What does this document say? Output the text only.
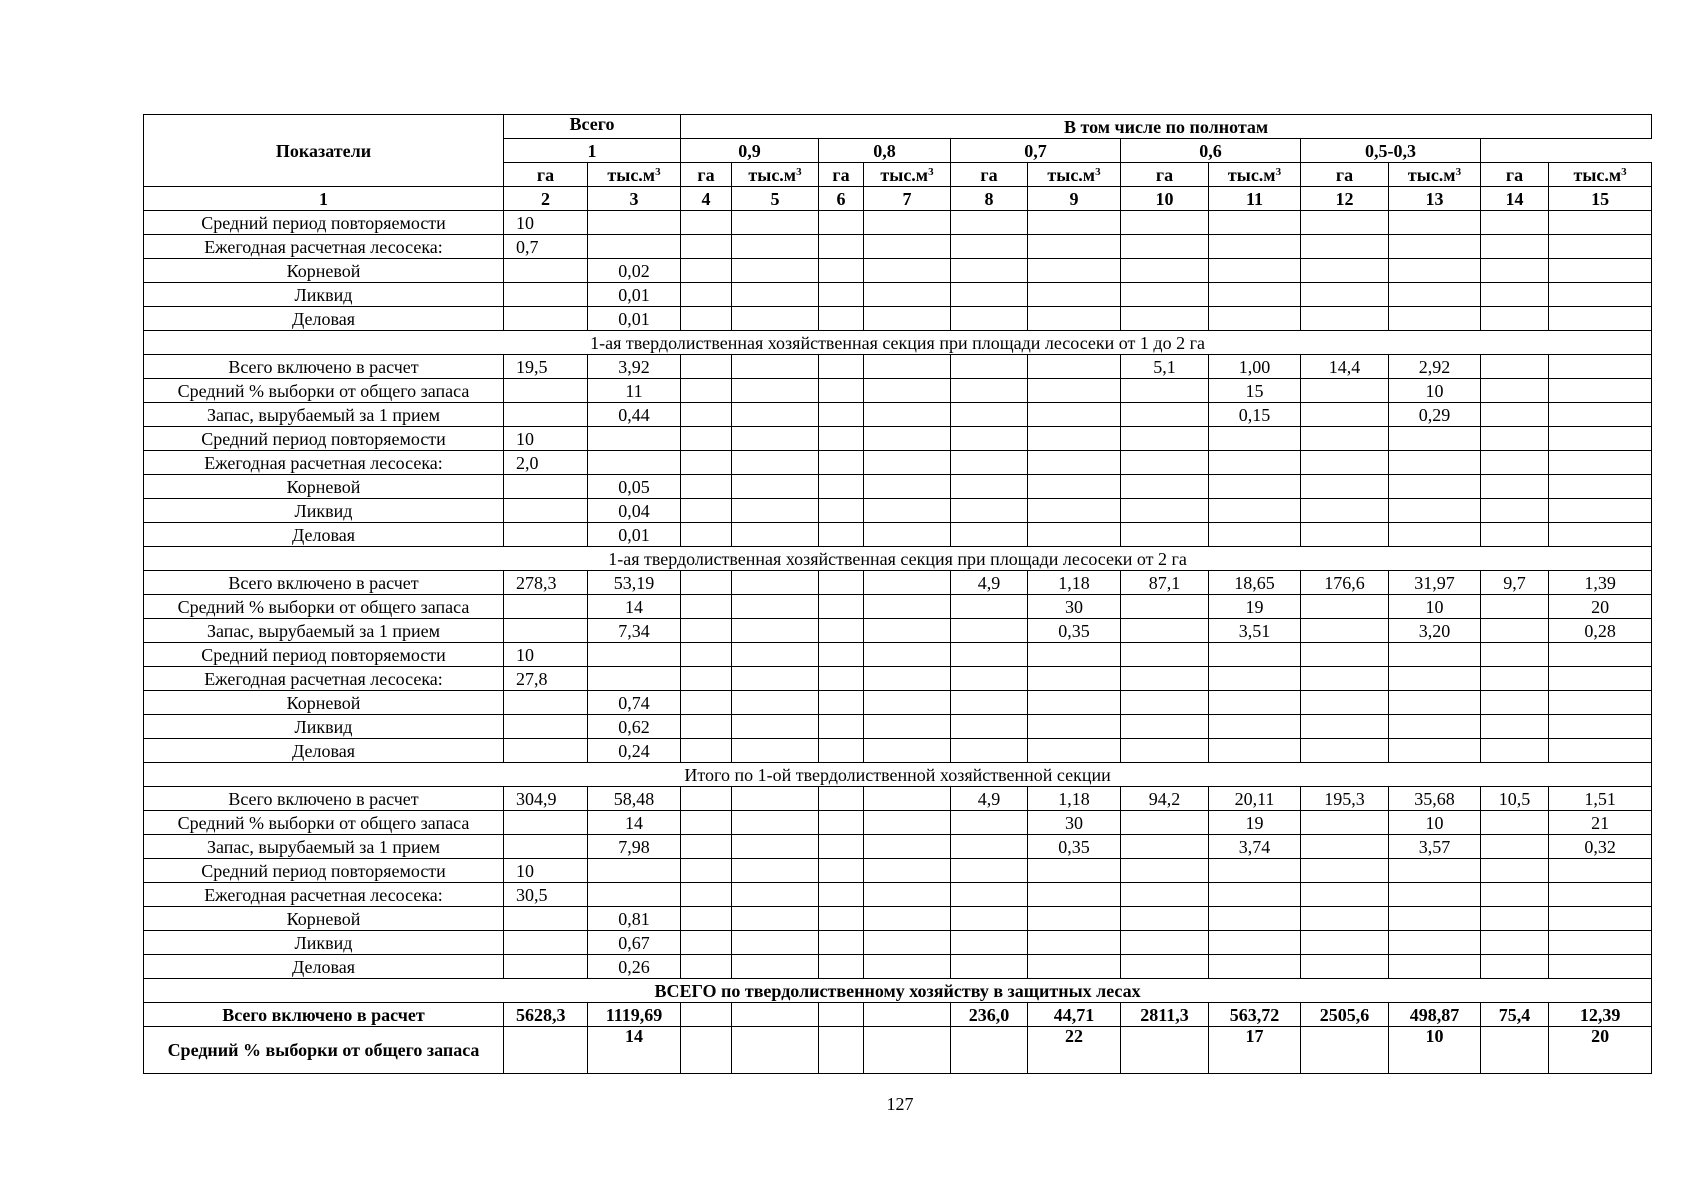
Показатели	Всего		В том числе по полнотам											
	1		0,9		0,8		0,7		0,6		0,5-0,3			
	га	$тыс.м^3$	га	$тыс.м^3$	га	$тыс.м^3$	га	$тыс.м^3$	га	$тыс.м^3$	га	$тыс.м^3$	га	$тыс.м^3$
1	2	3	4	5	6	7	8	9	10	11	12	13	14	15
Средний период повторяемости	10													
Ежегодная расчетная лесосека:	0,7													
Корневой		0,02												
Ликвид		0,01												
Деловая		0,01												
1-ая твердолиственная хозяйственная секция при площади лесосеки от 1 до 2 га														
Всего включено в расчет	19,5	3,92							5,1	1,00	14,4	2,92		
Средний % выборки от общего запаса		11								15		10		
Запас, вырубаемый за 1 прием		0,44								0,15		0,29		
Средний период повторяемости	10													
Ежегодная расчетная лесосека:	2,0													
Корневой		0,05												
Ликвид		0,04												
Деловая		0,01												
1-ая твердолиственная хозяйственная секция при площади лесосеки от 2 га														
Всего включено в расчет	278,3	53,19					4,9	1,18	87,1	18,65	176,6	31,97	9,7	1,39
Средний % выборки от общего запаса		14						30		19		10		20
Запас, вырубаемый за 1 прием		7,34						0,35		3,51		3,20		0,28
Средний период повторяемости	10													
Ежегодная расчетная лесосека:	27,8													
Корневой		0,74												
Ликвид		0,62												
Деловая		0,24												
Итого по 1-ой твердолиственной хозяйственной секции														
Всего включено в расчет	304,9	58,48					4,9	1,18	94,2	20,11	195,3	35,68	10,5	1,51
Средний % выборки от общего запаса		14						30		19		10		21
Запас, вырубаемый за 1 прием		7,98						0,35		3,74		3,57		0,32
Средний период повторяемости	10													
Ежегодная расчетная лесосека:	30,5													
Корневой		0,81												
Ликвид		0,67												
Деловая		0,26												
ВСЕГО по твердолиственному хозяйству в защитных лесах														
Всего включено в расчет	5628,3	1119,69					236,0	44,71	2811,3	563,72	2505,6	498,87	75,4	12,39
Средний % выборки от общего запаса		14						22		17		10		20
127
